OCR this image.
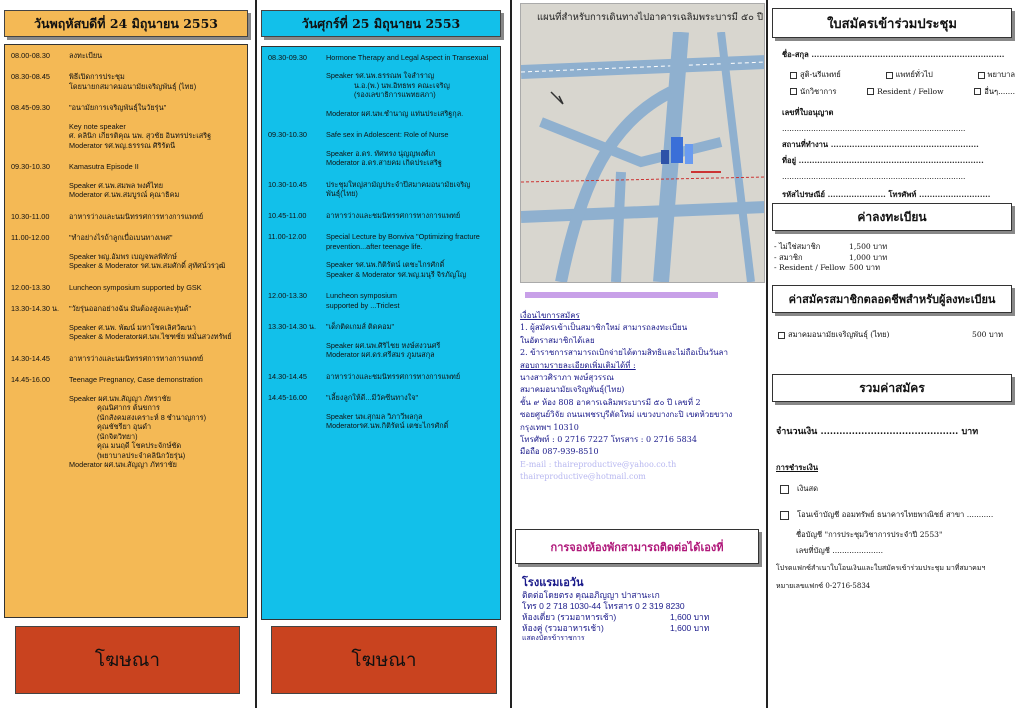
วันพฤหัสบดีที่ 24 มิถุนายน 2553
08.00-08.30	ลงทะเบียน
08.30-08.45	พิธีเปิดการประชุม
โดยนายกสมาคมอนามัยเจริญพันธุ์ (ไทย)
08.45-09.30	"อนามัยการเจริญพันธุ์ในวัยรุ่น"
Key note speaker
ศ. คลินิก เกียรติคุณ นพ. สุวชัย อินทรประเสริฐ
Moderator รศ.พญ.ธรรรณ ศิริรัตนี
09.30-10.30	Kamasutra Episode II
Speaker ศ.นพ.สมพล พงศ์ไทย
Moderator ศ.นพ.สมบูรณ์ คุณาธิคม
10.30-11.00	อาหารว่างและนมนิทรรศการทางการแพทย์
11.00-12.00	"ทำอย่างไรถ้าลูกเบื่อเบนทางเพศ"
Speaker พญ.อัมพร เบญจพลพิทักษ์
Speaker & Moderator รศ.นพ.สมศักดิ์ สุทัศน์วรวุฒิ
12.00-13.30	Luncheon symposium supported by GSK
13.30-14.30 น.	"วัยรุ่นออกอย่างฉัน มันต้องสูงและทุ่นด้"
Speaker ศ.นพ. พัฒน์ มหาโชคเลิศวัฒนา
Speaker & Moderatorผศ.นพ.ไชฑช์ย หมั่นสวงทรัพย์
14.30-14.45	อาหารว่างและนมนิทรรศการทางการแพทย์
14.45-16.00	Teenage Pregnancy, Case demonstration
Speaker ผศ.นพ.สัญญา ภัทราชัย
คุณนิศากร ต้นขการ
(นักสังคมสงเคราะห์ 8 ชำนาญการ)
คุณชัชรียา อุนดำ
(นักจิตวิทยา)
คุณ มนฤดี โชคประจักษ์ชัด
(พยาบาลประจำคลินิกวัยรุ่น)
Moderator ผศ.นพ.สัญญา ภัทราชัย
โฆษณา
วันศุกร์ที่ 25 มิถุนายน 2553
08.30-09.30	Hormone Therapy and Legal Aspect in Transexual
Speaker รศ.นพ.ธรรณพ ใจสำราญ
น.อ.(พ.) นพ.อิทธพร คณะเจริญ
(รองเลขาธิการแพทยสภา)
Moderator ผศ.นพ.ชำนาญ แท่นประเสริฐกุล.
09.30-10.30	Safe sex in Adolescent: Role of Nurse
Speaker อ.ดร. ทัศทรง นุ่ญญพงศ์เก
Moderator อ.ดร.สายคม เกิดประเสริฐ
10.30-10.45	ประชุมใหญ่สามัญประจำปีสมาคมอนามัยเจริญพันธุ์(ไทย)
10.45-11.00	อาหารว่างและชมนิทรรศการทางการแพทย์
11.00-12.00	Special Lecture by Bonviva "Optimizing fracture prevention...after teenage life.
Speaker รศ.นพ.กิติรัตน์ เตชะไกรศักดิ์
Speaker & Moderator รศ.พญ.มนุรี จิรภัญโญ
12.00-13.30	Luncheon symposium
supported by ...Triclest
13.30-14.30 น.	"เด็กติดเกมส์ ติดคอม"
Speaker ผศ.นพ.ศิริไชย หงษ์สงวนศรี
Moderator ผศ.ดร.ศรีสมร ภูมนสกุล
14.30-14.45	อาหารว่างและชมนิทรรศการทางการแพทย์
14.45-16.00	"เลี้ยงลูกให้ดี...มีวัคซีนทางใจ"
Speaker นพ.สุกมล วิภาวีพลกุล
Moderatorรศ.นพ.กิติรัตน์ เตชะไกรศักดิ์
โฆษณา
แผนที่สำหรับการเดินทางไปอาคารเฉลิมพระบารมี ๕๐ ปี
เงื่อนไขการสมัคร
1. ผู้สมัครเข้าเป็นสมาชิกใหม่ สามารถลงทะเบียน
ในอัตราสมาชิกได้เลย
2. ข้าราชการสามารถเบิกจ่ายได้ตามสิทธิและไม่ถือเป็นวันลา
สอบถามรายละเอียดเพิ่มเติมได้ที่ :
นางสาวศิราภา พงษ์สุวรรณ
สมาคมอนามัยเจริญพันธุ์(ไทย)
ชั้น ๙ ห้อง 808 อาคารเฉลิมพระบารมี ๕๐ ปี เลขที่ 2
ซอยศูนย์วิจัย ถนนเพชรบุรีตัดใหม่ แขวงบางกะปิ เขตห้วยขวาง
กรุงเทพฯ 10310
โทรศัพท์ : 0 2716 7227 โทรสาร : 0 2716 5834
มือถือ 087-939-8510
E-mail : thaireproductive@yahoo.co.th
thaireproductive@hotmail.com
การจองห้องพักสามารถติดต่อได้เองที่
โรงแรมเอวัน
ติดต่อโดยตรง คุณอภิญญา ปาสานะเก
โทร 0 2 718 1030-44 โทรสาร 0 2 319 8230
ห้องเดี่ยว (รวมอาหารเช้า)	1,600 บาท
ห้องคู่ (รวมอาหารเช้า)	1,600 บาท
แสดงบัตรข้าราชการ
ใบสมัครเข้าร่วมประชุม
ชื่อ-สกุล .........................................................................
สูติ-นรีแพทย์	แพทย์ทั่วไป	พยาบาล
นักวิชาการ	Resident / Fellow	อื่นๆ.......
เลขที่ใบอนุญาต
............................................................................
สถานที่ทำงาน ........................................................
ที่อยู่ ......................................................................
............................................................................
รหัสไปรษณีย์ ...................... โทรศัพท์ ...........................
ค่าลงทะเบียน
- ไม่ใช่สมาชิก	1,500 บาท
- สมาชิก	1,000 บาท
- Resident / Fellow 500 บาท
ค่าสมัครสมาชิกตลอดชีพสำหรับผู้ลงทะเบียน
สมาคมอนามัยเจริญพันธุ์ (ไทย)	500 บาท
รวมค่าสมัคร
จำนวนเงิน ............................................ บาท
การชำระเงิน
เงินสด
โอนเข้าบัญชี ออมทรัพย์ ธนาคารไทยพาณิชย์ สาขา ...........
ชื่อบัญชี "การประชุมวิชาการประจำปี 2553"
เลขที่บัญชี .....................
โปรดแฟกซ์สำเนาใบโอนเงินและใบสมัครเข้าร่วมประชุม มาที่สมาคมฯ
หมายเลขแฟกซ์ 0-2716-5834
